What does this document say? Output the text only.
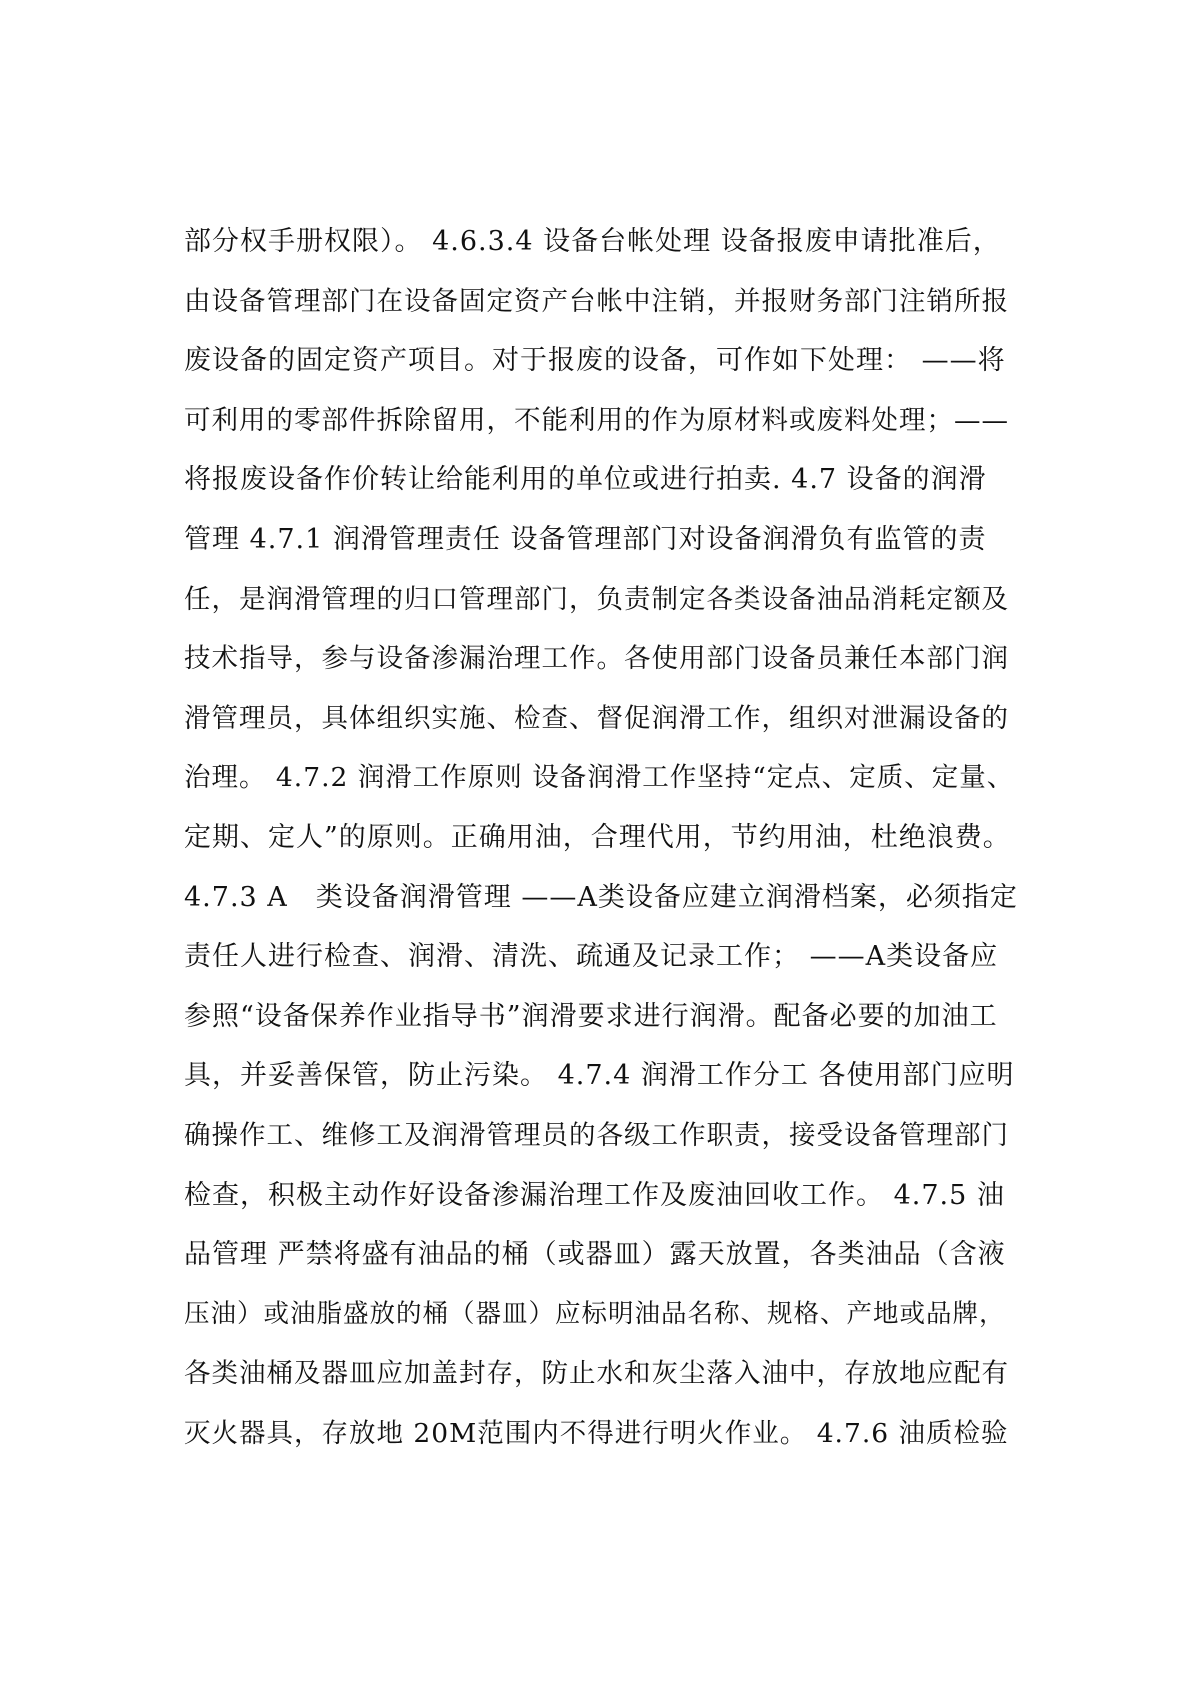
部分权手册权限）。 4.6.3.4 设备台帐处理 设备报废申请批准后，
由设备管理部门在设备固定资产台帐中注销，并报财务部门注销所报
废设备的固定资产项目。对于报废的设备，可作如下处理： ——将
可利用的零部件拆除留用，不能利用的作为原材料或废料处理；——
将报废设备作价转让给能利用的单位或进行拍卖. 4.7 设备的润滑
管理 4.7.1 润滑管理责任 设备管理部门对设备润滑负有监管的责
任，是润滑管理的归口管理部门，负责制定各类设备油品消耗定额及
技术指导，参与设备渗漏治理工作。各使用部门设备员兼任本部门润
滑管理员，具体组织实施、检查、督促润滑工作，组织对泄漏设备的
治理。 4.7.2 润滑工作原则 设备润滑工作坚持“定点、定质、定量、
定期、定人”的原则。正确用油，合理代用，节约用油，杜绝浪费。
4.7.3 A　类设备润滑管理 ——A类设备应建立润滑档案，必须指定
责任人进行检查、润滑、清洗、疏通及记录工作； ——A类设备应
参照“设备保养作业指导书”润滑要求进行润滑。配备必要的加油工
具，并妥善保管，防止污染。 4.7.4 润滑工作分工 各使用部门应明
确操作工、维修工及润滑管理员的各级工作职责，接受设备管理部门
检查，积极主动作好设备渗漏治理工作及废油回收工作。 4.7.5 油
品管理 严禁将盛有油品的桶（或器皿）露天放置，各类油品（含液
压油）或油脂盛放的桶（器皿）应标明油品名称、规格、产地或品牌，
各类油桶及器皿应加盖封存，防止水和灰尘落入油中，存放地应配有
灭火器具，存放地 20M范围内不得进行明火作业。 4.7.6 油质检验
